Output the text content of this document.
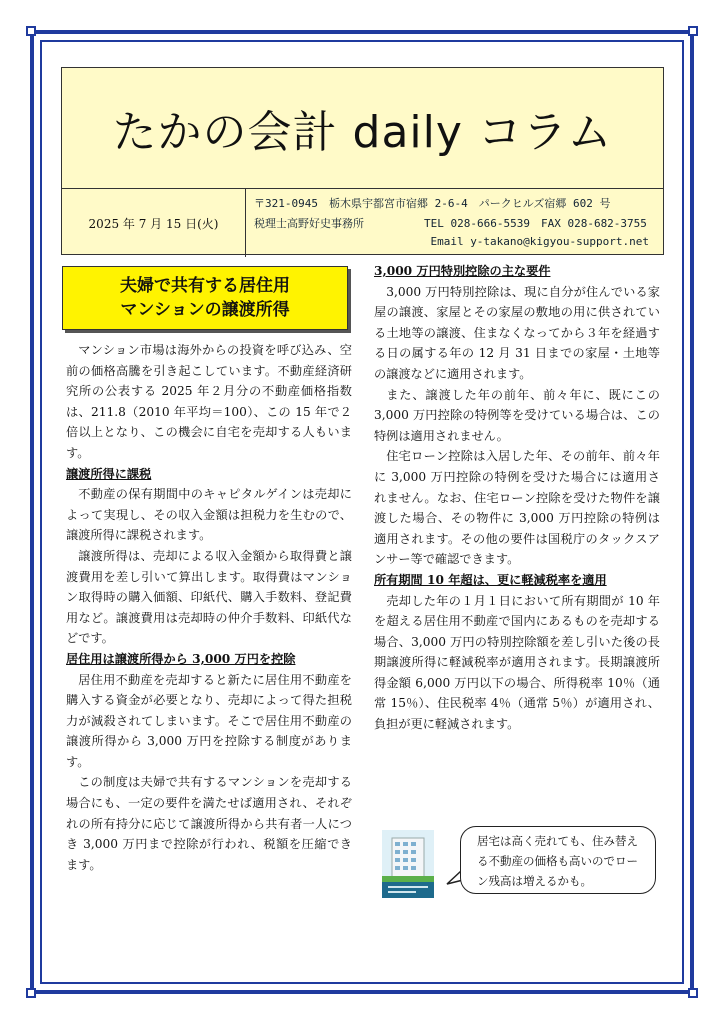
たかの会計 daily コラム
2025 年 7 月 15 日(火)
〒321-0945　栃木県宇都宮市宿郷 2-6-4　パークヒルズ宿郷 602 号
税理士高野好史事務所	TEL 028-666-5539　FAX 028-682-3755
Email y-takano@kigyou-support.net
夫婦で共有する居住用
マンションの譲渡所得

マンション市場は海外からの投資を呼び込み、空前の価格高騰を引き起こしています。不動産経済研究所の公表する 2025 年２月分の不動産価格指数は、211.8（2010 年平均＝100）、この 15 年で２倍以上となり、この機会に自宅を売却する人もいます。

譲渡所得に課税

不動産の保有期間中のキャピタルゲインは売却によって実現し、その収入金額は担税力を生むので、譲渡所得に課税されます。

譲渡所得は、売却による収入金額から取得費と譲渡費用を差し引いて算出します。取得費はマンション取得時の購入価額、印紙代、購入手数料、登記費用など。譲渡費用は売却時の仲介手数料、印紙代などです。

居住用は譲渡所得から 3,000 万円を控除

居住用不動産を売却すると新たに居住用不動産を購入する資金が必要となり、売却によって得た担税力が減殺されてしまいます。そこで居住用不動産の譲渡所得から 3,000 万円を控除する制度があります。

この制度は夫婦で共有するマンションを売却する場合にも、一定の要件を満たせば適用され、それぞれの所有持分に応じて譲渡所得から共有者一人につき 3,000 万円まで控除が行われ、税額を圧縮できます。

3,000 万円特別控除の主な要件

3,000 万円特別控除は、現に自分が住んでいる家屋の譲渡、家屋とその家屋の敷地の用に供されている土地等の譲渡、住まなくなってから３年を経過する日の属する年の 12 月 31 日までの家屋・土地等の譲渡などに適用されます。

また、譲渡した年の前年、前々年に、既にこの 3,000 万円控除の特例等を受けている場合は、この特例は適用されません。

住宅ローン控除は入居した年、その前年、前々年に 3,000 万円控除の特例を受けた場合には適用されません。なお、住宅ローン控除を受けた物件を譲渡した場合、その物件に 3,000 万円控除の特例は適用されます。その他の要件は国税庁のタックスアンサー等で確認できます。

所有期間 10 年超は、更に軽減税率を適用

売却した年の１月１日において所有期間が 10 年を超える居住用不動産で国内にあるものを売却する場合、3,000 万円の特別控除額を差し引いた後の長期譲渡所得に軽減税率が適用されます。長期譲渡所得金額 6,000 万円以下の場合、所得税率 10％（通常 15％）、住民税率 4％（通常 5％）が適用され、負担が更に軽減されます。

居宅は高く売れても、住み替える不動産の価格も高いのでローン残高は増えるかも。
